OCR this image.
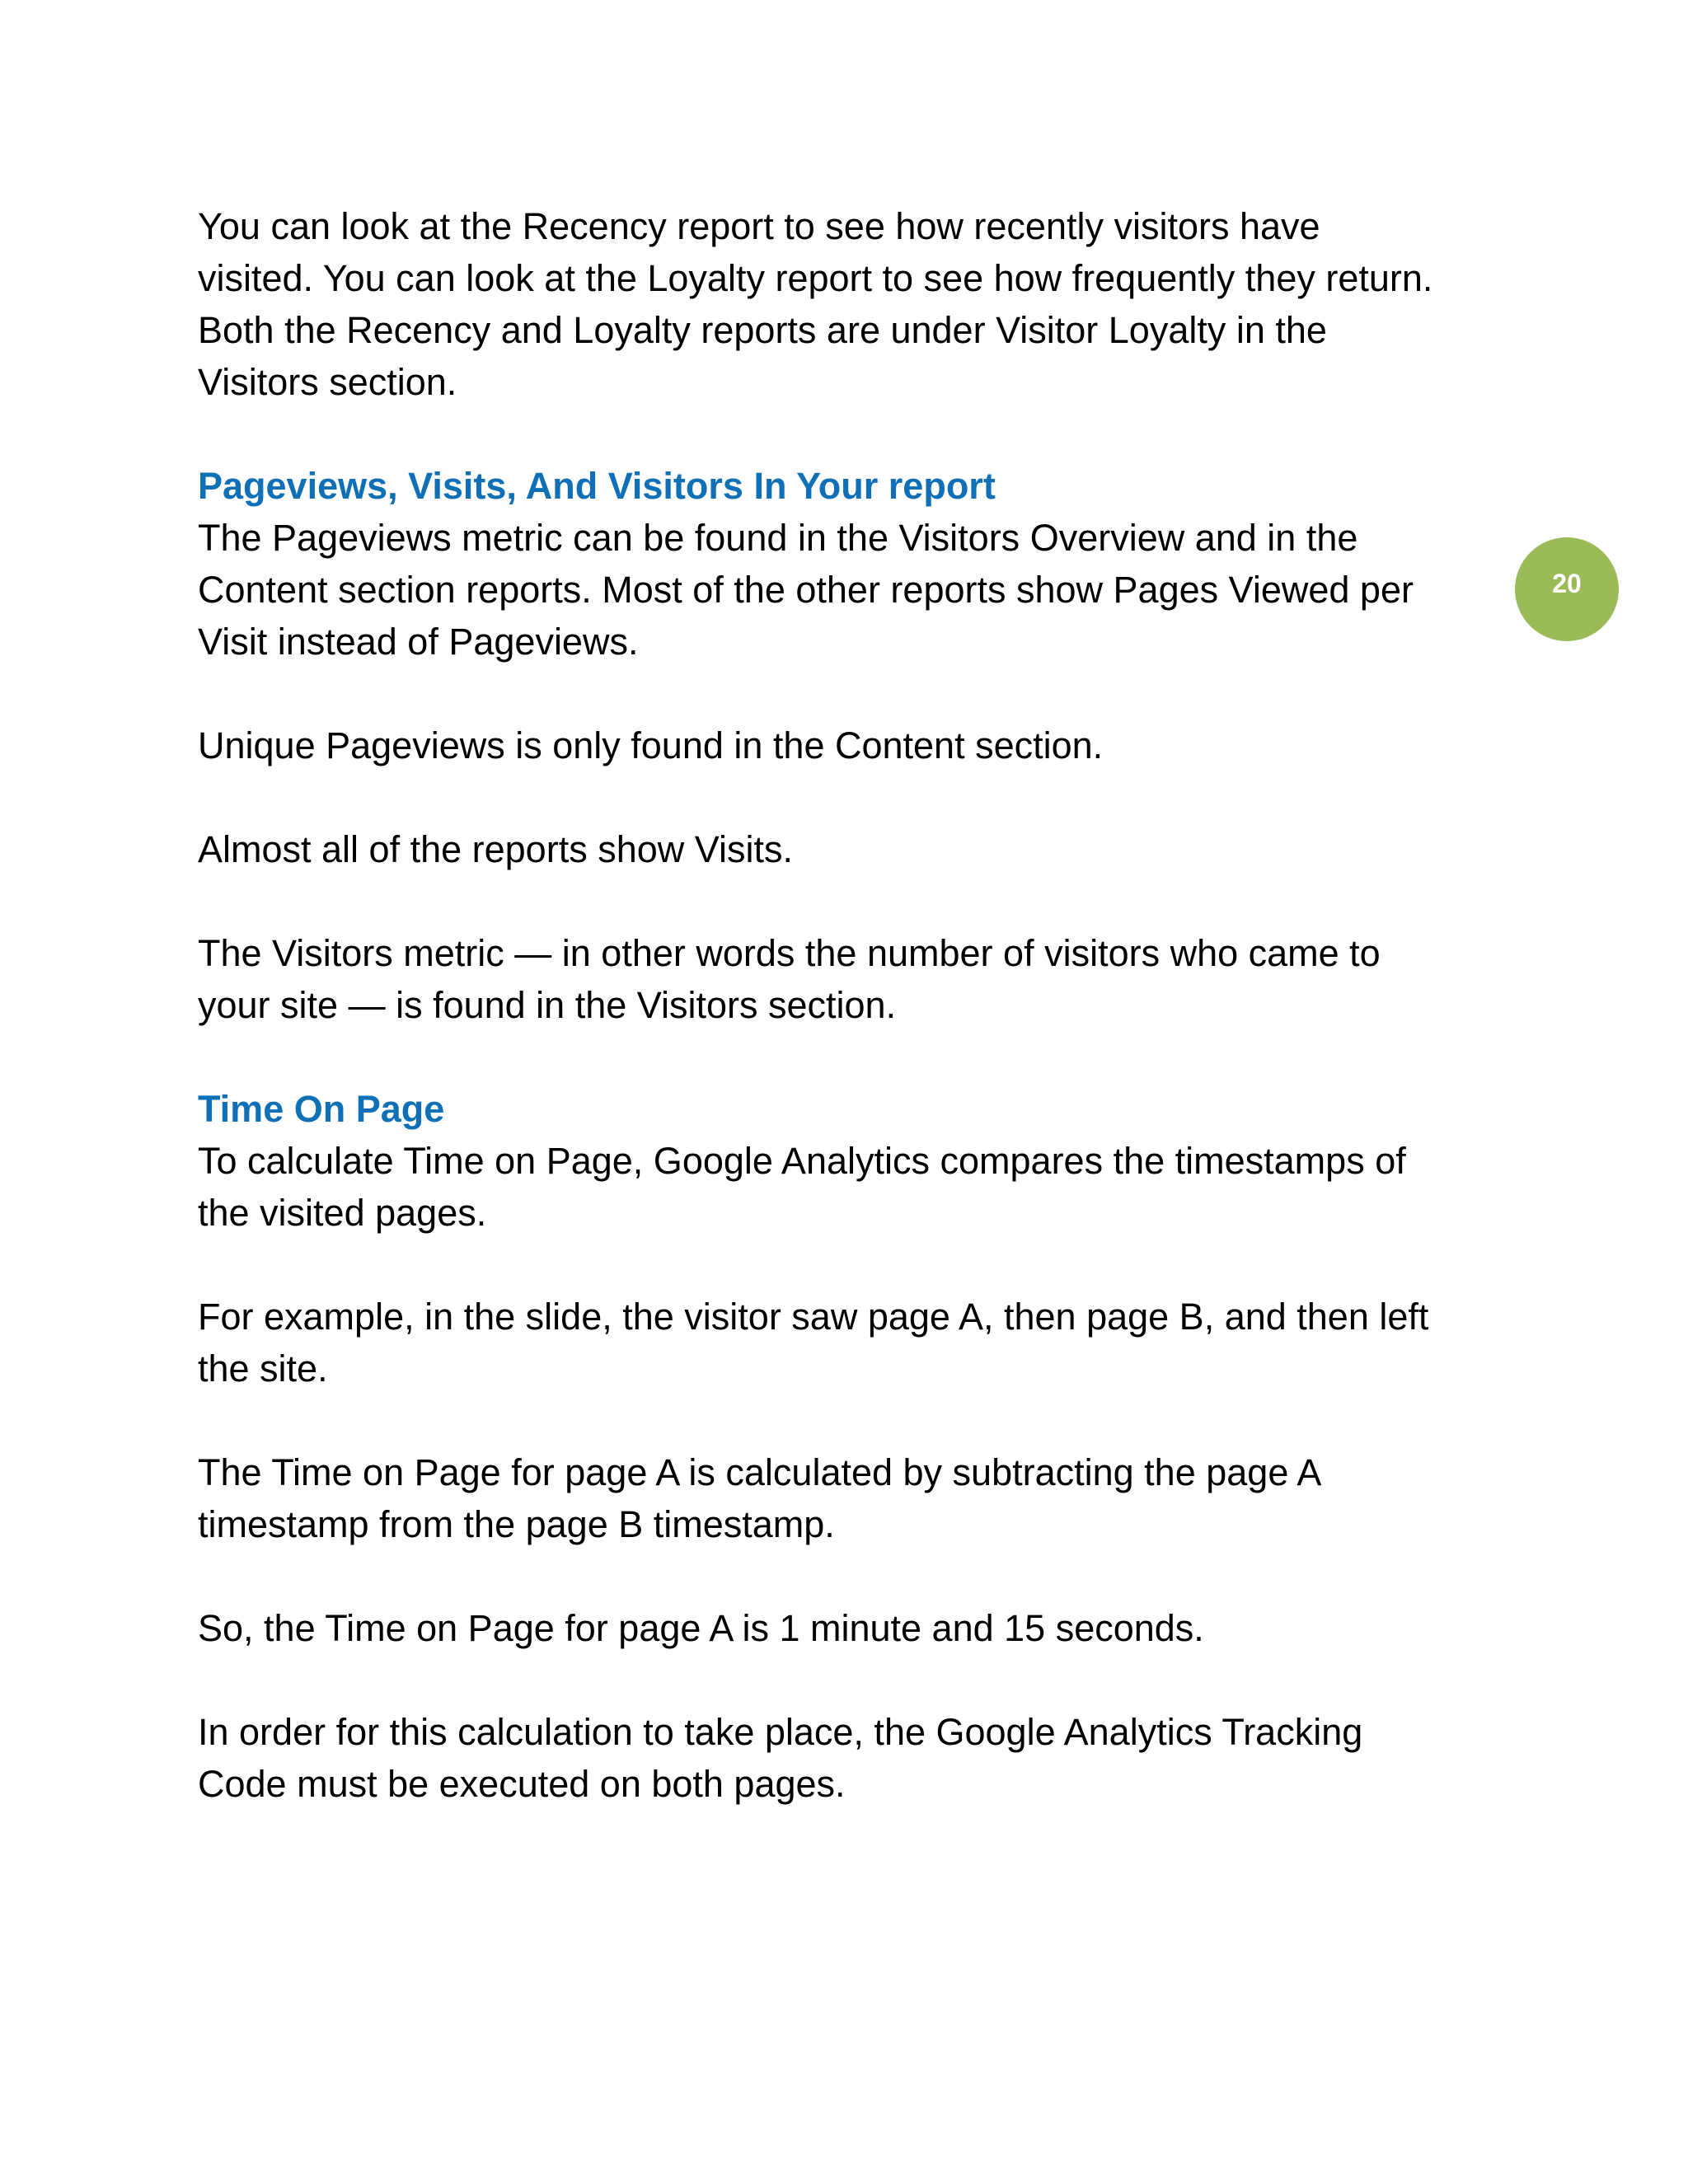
20

You can look at the Recency report to see how recently visitors have
visited. You can look at the Loyalty report to see how frequently they return.
Both the Recency and Loyalty reports are under Visitor Loyalty in the
Visitors section.

Pageviews, Visits, And Visitors In Your report

The Pageviews metric can be found in the Visitors Overview and in the
Content section reports. Most of the other reports show Pages Viewed per
Visit instead of Pageviews.

Unique Pageviews is only found in the Content section.

Almost all of the reports show Visits.

The Visitors metric — in other words the number of visitors who came to
your site — is found in the Visitors section.

Time On Page

To calculate Time on Page, Google Analytics compares the timestamps of
the visited pages.

For example, in the slide, the visitor saw page A, then page B, and then left
the site.

The Time on Page for page A is calculated by subtracting the page A
timestamp from the page B timestamp.

So, the Time on Page for page A is 1 minute and 15 seconds.

In order for this calculation to take place, the Google Analytics Tracking
Code must be executed on both pages.
